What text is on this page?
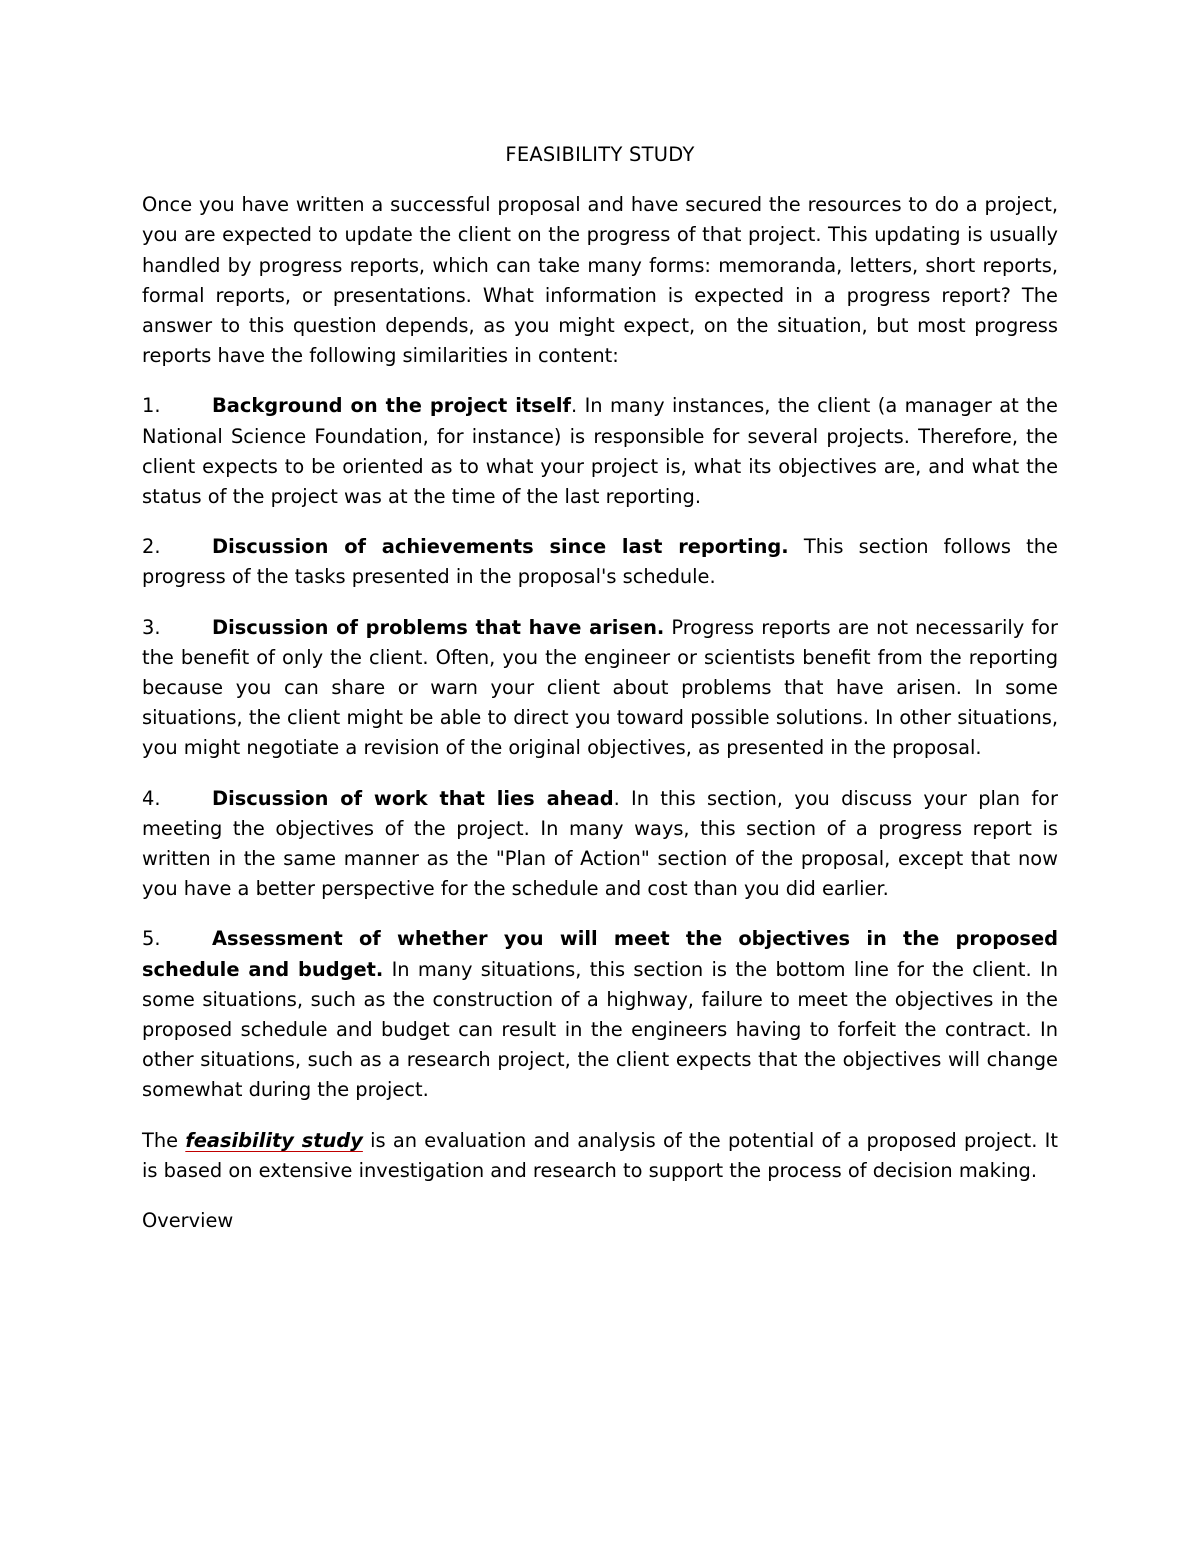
FEASIBILITY STUDY

Once you have written a successful proposal and have secured the resources to do a project, you are expected to update the client on the progress of that project. This updating is usually handled by progress reports, which can take many forms: memoranda, letters, short reports, formal reports, or presentations. What information is expected in a progress report? The answer to this question depends, as you might expect, on the situation, but most progress reports have the following similarities in content:

1.	Background on the project itself. In many instances, the client (a manager at the National Science Foundation, for instance) is responsible for several projects. Therefore, the client expects to be oriented as to what your project is, what its objectives are, and what the status of the project was at the time of the last reporting.

2.	Discussion of achievements since last reporting. This section follows the progress of the tasks presented in the proposal's schedule.

3.	Discussion of problems that have arisen. Progress reports are not necessarily for the benefit of only the client. Often, you the engineer or scientists benefit from the reporting because you can share or warn your client about problems that have arisen. In some situations, the client might be able to direct you toward possible solutions. In other situations, you might negotiate a revision of the original objectives, as presented in the proposal.

4.	Discussion of work that lies ahead. In this section, you discuss your plan for meeting the objectives of the project. In many ways, this section of a progress report is written in the same manner as the "Plan of Action" section of the proposal, except that now you have a better perspective for the schedule and cost than you did earlier.

5.	Assessment of whether you will meet the objectives in the proposed schedule and budget. In many situations, this section is the bottom line for the client. In some situations, such as the construction of a highway, failure to meet the objectives in the proposed schedule and budget can result in the engineers having to forfeit the contract. In other situations, such as a research project, the client expects that the objectives will change somewhat during the project.

The feasibility study is an evaluation and analysis of the potential of a proposed project. It is based on extensive investigation and research to support the process of decision making.

Overview
